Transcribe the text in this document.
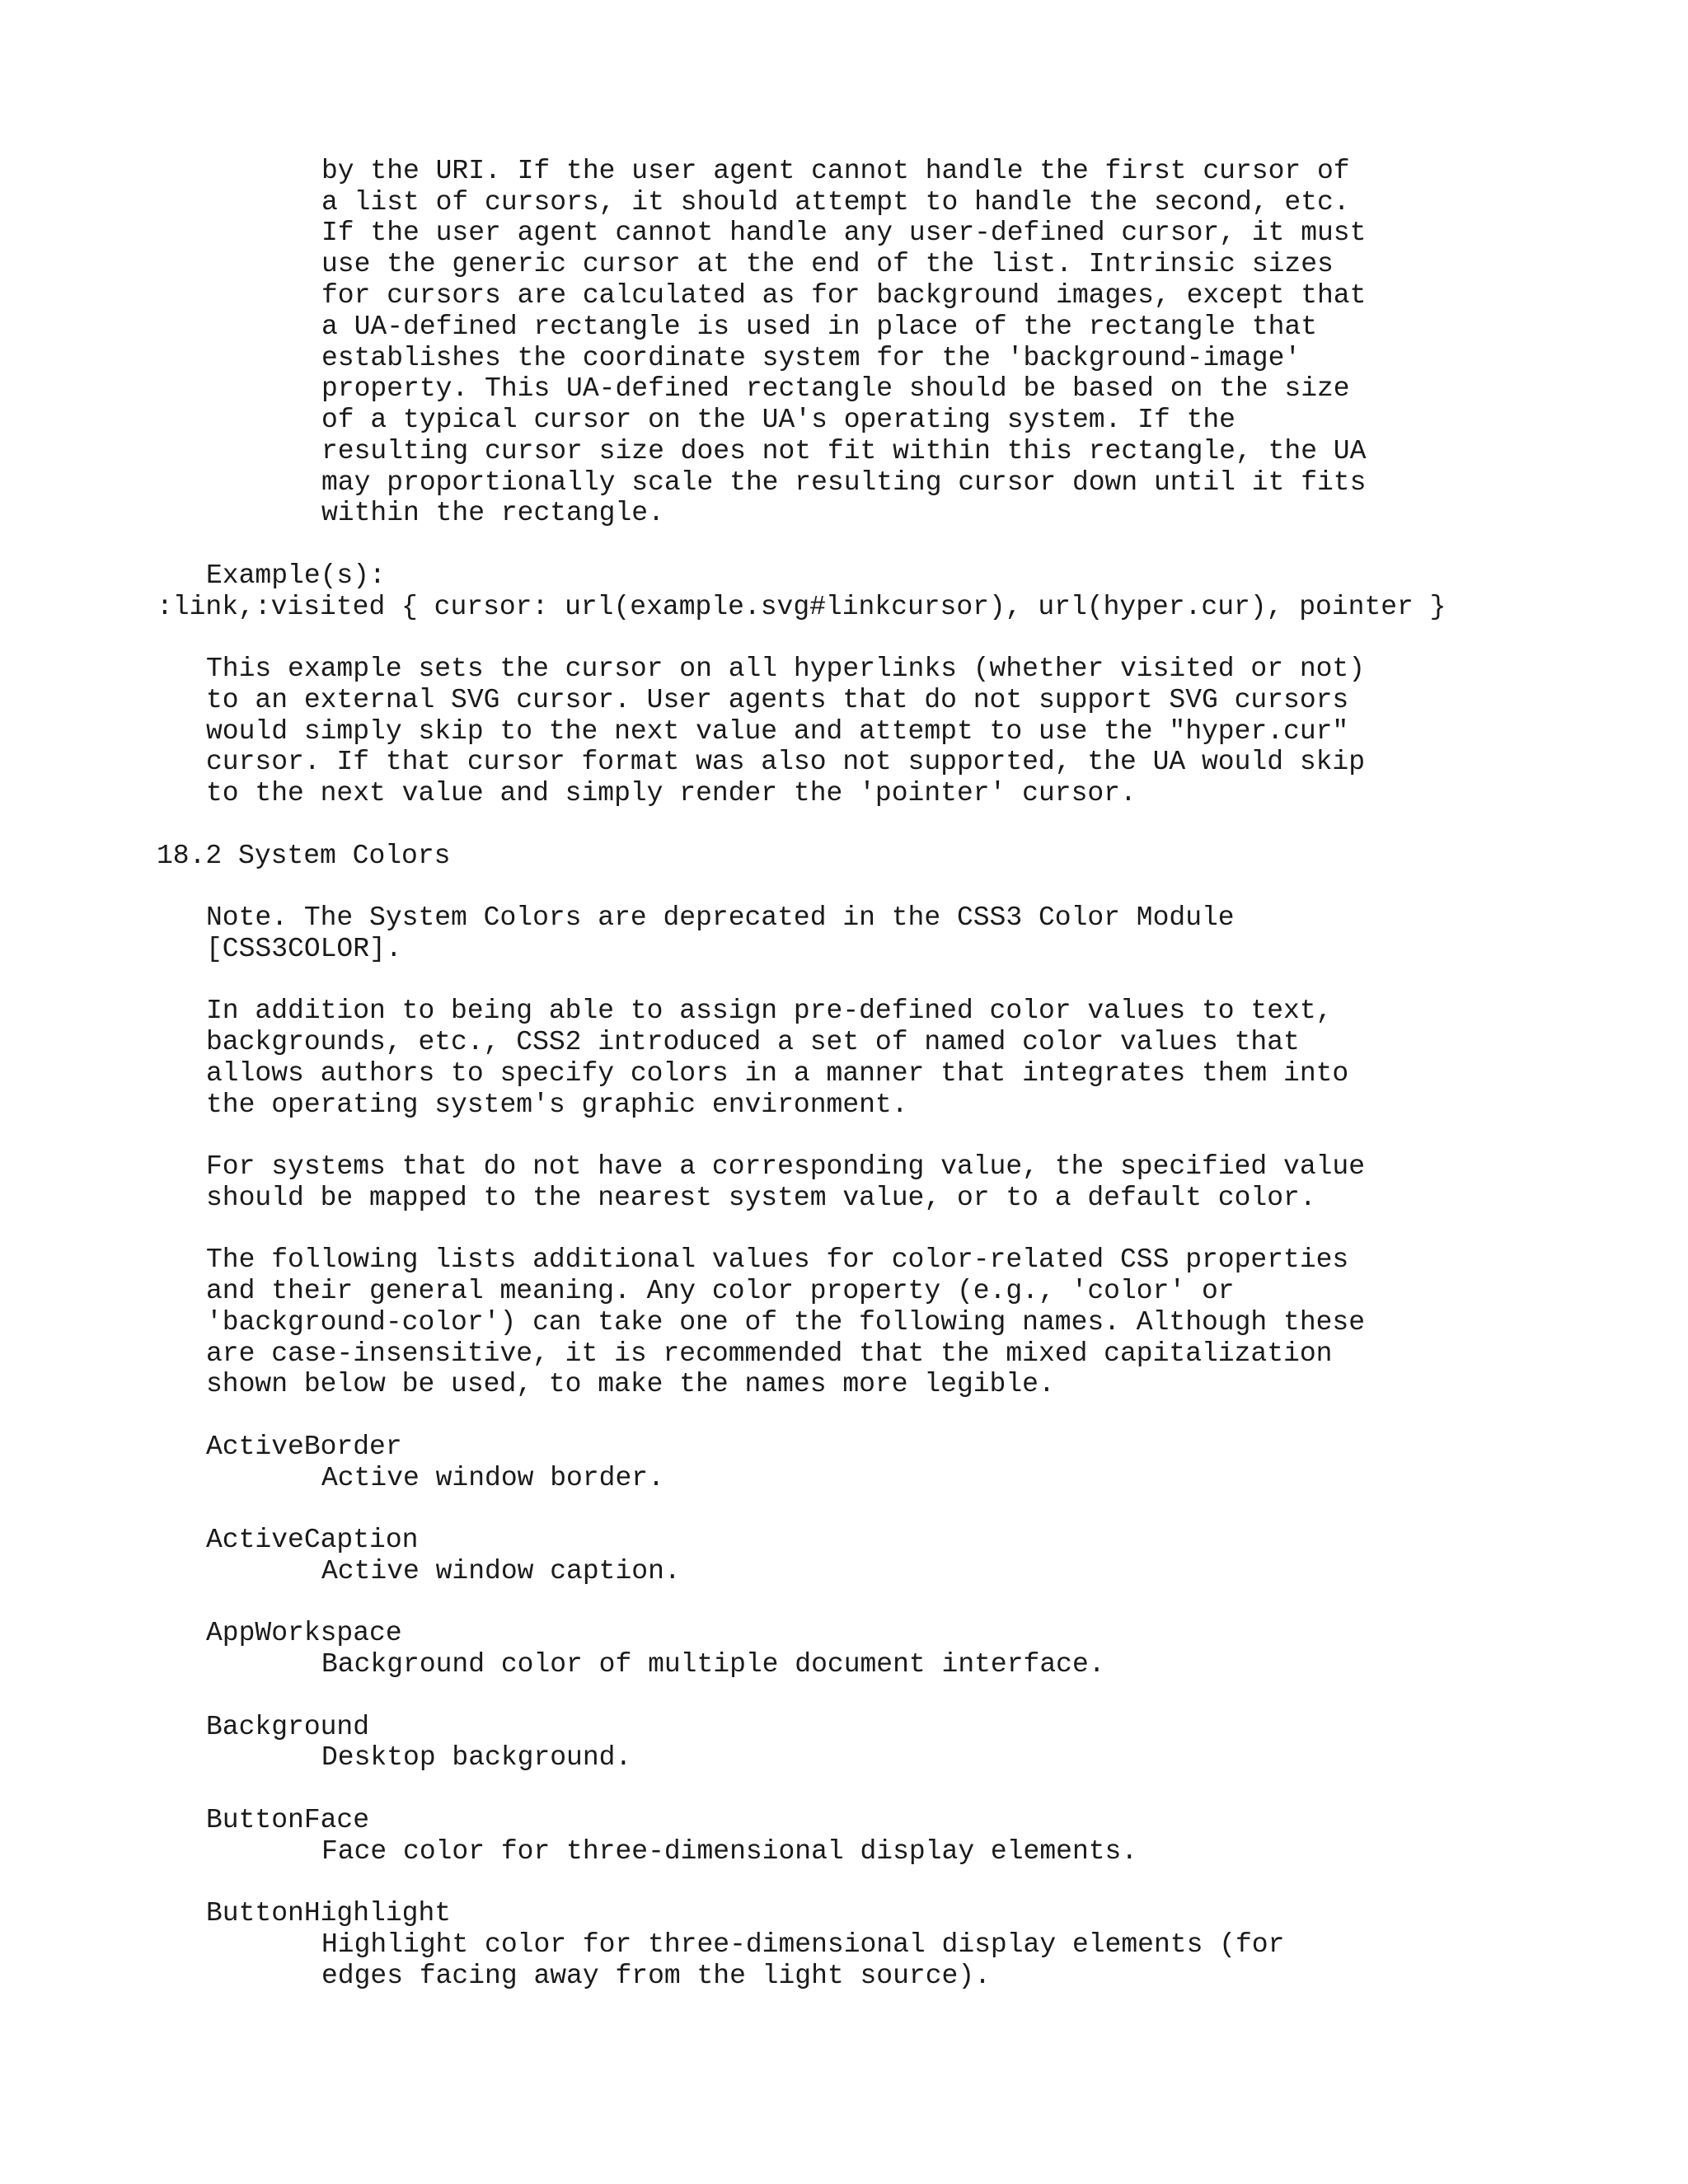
by the URI. If the user agent cannot handle the first cursor of
a list of cursors, it should attempt to handle the second, etc.
If the user agent cannot handle any user-defined cursor, it must
use the generic cursor at the end of the list. Intrinsic sizes
for cursors are calculated as for background images, except that
a UA-defined rectangle is used in place of the rectangle that
establishes the coordinate system for the 'background-image'
property. This UA-defined rectangle should be based on the size
of a typical cursor on the UA's operating system. If the
resulting cursor size does not fit within this rectangle, the UA
may proportionally scale the resulting cursor down until it fits
within the rectangle.
Example(s):
:link,:visited { cursor: url(example.svg#linkcursor), url(hyper.cur), pointer }
This example sets the cursor on all hyperlinks (whether visited or not)
to an external SVG cursor. User agents that do not support SVG cursors
would simply skip to the next value and attempt to use the "hyper.cur"
cursor. If that cursor format was also not supported, the UA would skip
to the next value and simply render the 'pointer' cursor.
18.2 System Colors
Note. The System Colors are deprecated in the CSS3 Color Module
[CSS3COLOR].
In addition to being able to assign pre-defined color values to text,
backgrounds, etc., CSS2 introduced a set of named color values that
allows authors to specify colors in a manner that integrates them into
the operating system's graphic environment.
For systems that do not have a corresponding value, the specified value
should be mapped to the nearest system value, or to a default color.
The following lists additional values for color-related CSS properties
and their general meaning. Any color property (e.g., 'color' or
'background-color') can take one of the following names. Although these
are case-insensitive, it is recommended that the mixed capitalization
shown below be used, to make the names more legible.
ActiveBorder
Active window border.
ActiveCaption
Active window caption.
AppWorkspace
Background color of multiple document interface.
Background
Desktop background.
ButtonFace
Face color for three-dimensional display elements.
ButtonHighlight
Highlight color for three-dimensional display elements (for
edges facing away from the light source).
